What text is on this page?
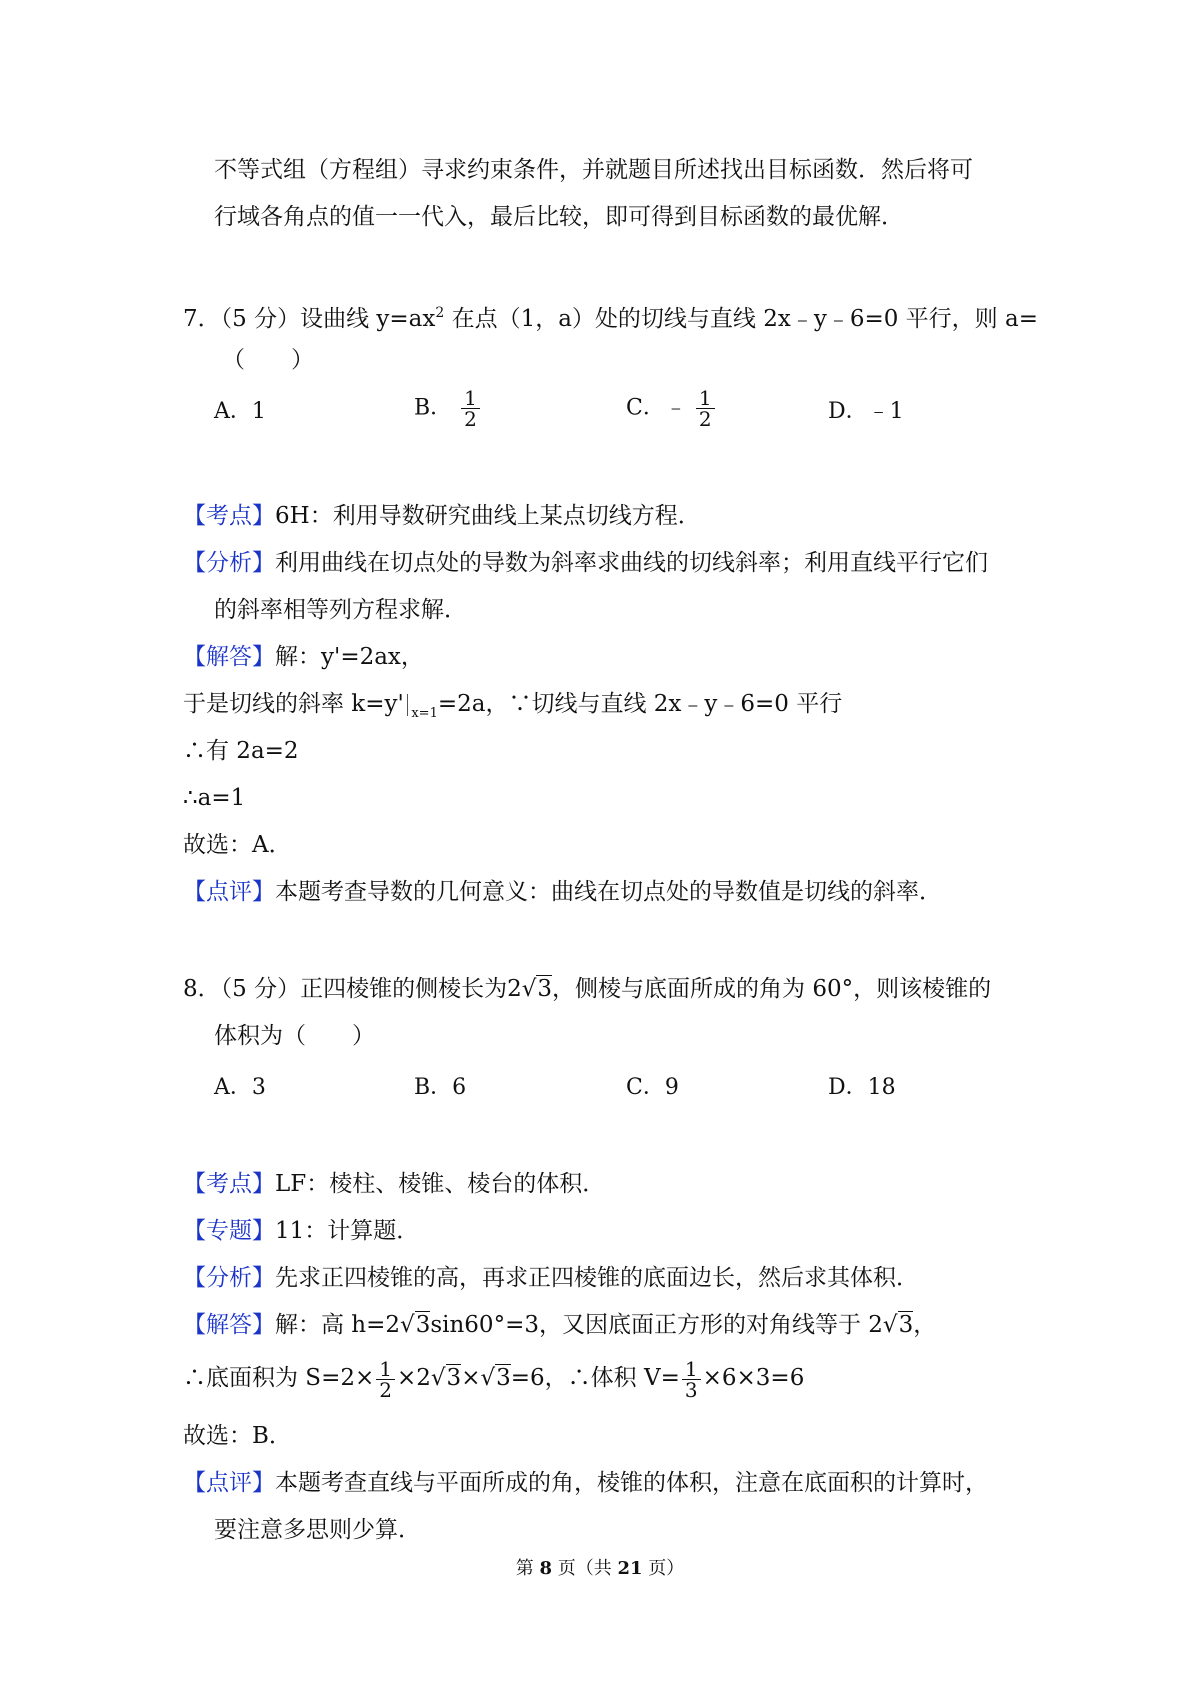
不等式组（方程组）寻求约束条件，并就题目所述找出目标函数．然后将可
行域各角点的值一一代入，最后比较，即可得到目标函数的最优解．
7．（5 分）设曲线 $y=ax^2$ 在点（1，a）处的切线与直线 2x﹣y﹣6=0 平行，则 a=
（　　）
A．1	B． $\frac{1}{2}$	C．﹣ $\frac{1}{2}$	D．﹣1
【考点】6H：利用导数研究曲线上某点切线方程．
【分析】利用曲线在切点处的导数为斜率求曲线的切线斜率；利用直线平行它们
的斜率相等列方程求解．
【解答】解：y'=2ax，
于是切线的斜率 k=y' $_{x=1}$=2a，∵切线与直线 2x﹣y﹣6=0 平行
∴有 2a=2
∴a=1
故选：A．
【点评】本题考查导数的几何意义：曲线在切点处的导数值是切线的斜率．
8．（5 分）正四棱锥的侧棱长为2√3，侧棱与底面所成的角为 60°，则该棱锥的
体积为（　　）
A．3	B．6	C．9	D．18
【考点】LF：棱柱、棱锥、棱台的体积．
【专题】11：计算题．
【分析】先求正四棱锥的高，再求正四棱锥的底面边长，然后求其体积．
【解答】解：高 h=2√3sin60°=3，又因底面正方形的对角线等于 2√3，
∴底面积为 $S=2\times \frac{1}{2} \times 2√3\times√3=6$，∴体积 $V= \frac{1}{3} \times 6\times 3=6$
故选：B．
【点评】本题考查直线与平面所成的角，棱锥的体积，注意在底面积的计算时，
要注意多思则少算．
第 8 页（共 21 页）
